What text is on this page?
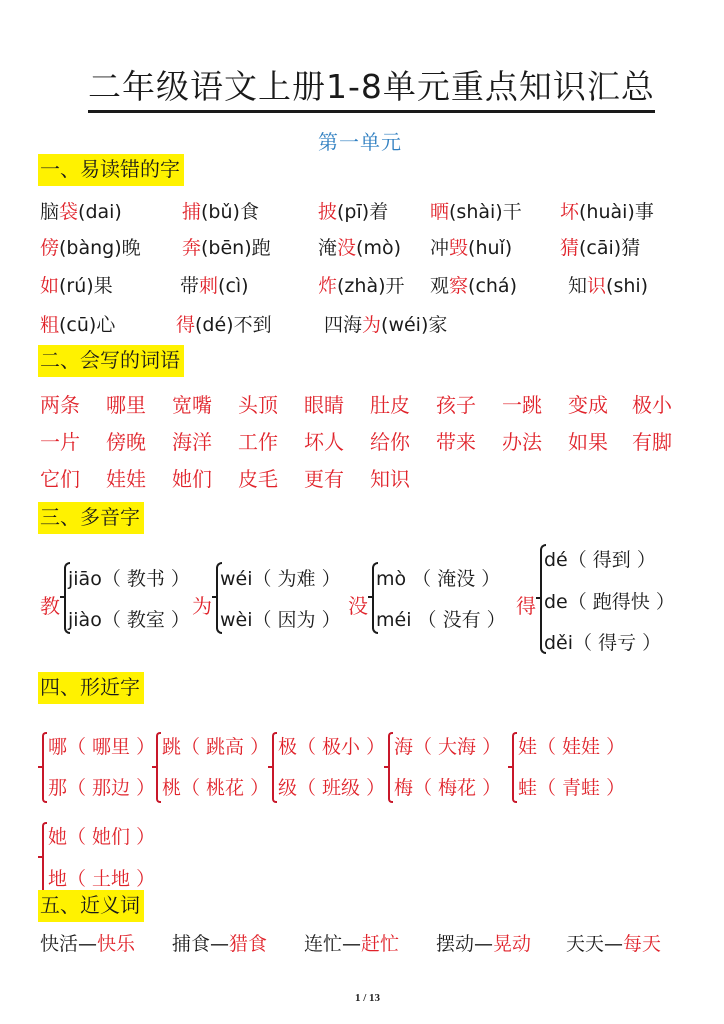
二年级语文上册1-8单元重点知识汇总
第一单元
一、易读错的字
脑袋(dai)	捕(bǔ)食	披(pī)着 晒(shài)干 坏(huài)事
傍(bàng)晚 奔(bēn)跑 淹没(mò) 冲毁(huǐ)	猜(cāi)猜
如(rú)果	带刺(cì)	炸(zhà)开 观察(chá)	知识(shi)
粗(cū)心	得(dé)不到	四海为(wéi)家
二、会写的词语
两条 哪里 宽嘴 头顶 眼睛 肚皮 孩子 一跳 变成 极小
一片 傍晚 海洋 工作 坏人 给你 带来 办法 如果 有脚
它们 娃娃 她们 皮毛 更有 知识
三、多音字
教
jiāo（ 教书 ）
jiào（ 教室 ）
为
wéi（ 为难 ）
wèi（ 因为 ）
没
mò （ 淹没 ）
méi （ 没有 ）
得
dé（ 得到 ）
de（ 跑得快 ）
děi（ 得亏 ）
四、形近字
哪（ 哪里 ）
那（ 那边 ）
跳（ 跳高 ）
桃（ 桃花 ）
极（ 极小 ）
级（ 班级 ）
海（ 大海 ）
梅（ 梅花 ）
娃（ 娃娃 ）
蛙（ 青蛙 ）
她（ 她们 ）
地（ 土地 ）
五、近义词
快活—快乐 捕食—猎食 连忙—赶忙 摆动—晃动 天天—每天
1 / 13
